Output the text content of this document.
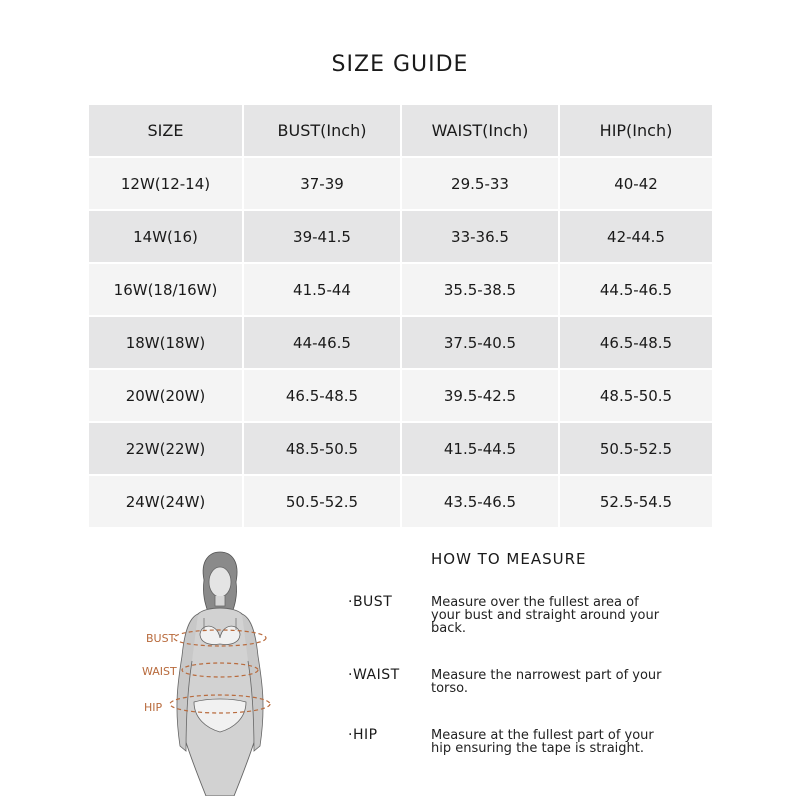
SIZE GUIDE
SIZE	BUST(Inch)	WAIST(Inch)	HIP(Inch)
12W(12-14)	37-39	29.5-33	40-42
14W(16)	39-41.5	33-36.5	42-44.5
16W(18/16W)	41.5-44	35.5-38.5	44.5-46.5
18W(18W)	44-46.5	37.5-40.5	46.5-48.5
20W(20W)	46.5-48.5	39.5-42.5	48.5-50.5
22W(22W)	48.5-50.5	41.5-44.5	50.5-52.5
24W(24W)	50.5-52.5	43.5-46.5	52.5-54.5
BUST
WAIST
HIP
HOW TO MEASURE
·BUST	Measure over the fullest area of your bust and straight around your back.
·WAIST Measure the narrowest part of your torso.
·HIP	Measure at the fullest part of your hip ensuring the tape is straight.
